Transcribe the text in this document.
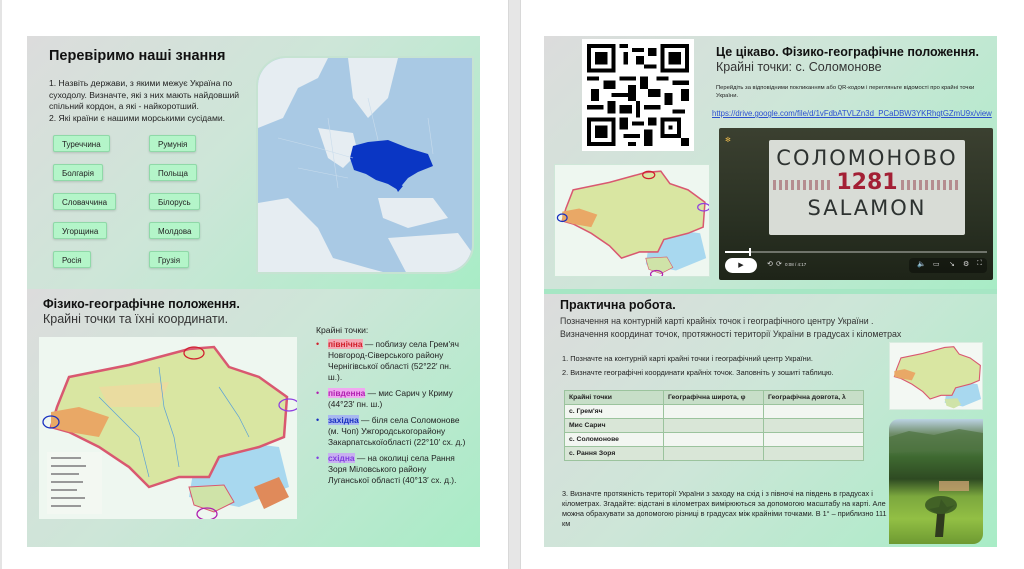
Перевіримо наші знання
1. Назвіть держави, з якими межує Україна по суходолу. Визначте, які з них мають найдовший спільний кордон, а які - найкоротший.
2. Які країни є нашими морськими сусідами.
Туреччина
Болгарія
Словаччина
Угорщина
Росія
Румунія
Польща
Білорусь
Молдова
Грузія
Фізико-географічне положення.
Крайні точки та їхні координати.
Крайні точки:
• північна — поблизу села Грем'яч Новгород-Сіверського району Чернігівської області (52°22′ пн. ш.).
• південна — мис Сарич у Криму (44°23′ пн. ш.)
• західна — біля села Соломонове (м. Чоп) Ужгородськогорайону Закарпатськоїобласті (22°10′ сх. д.)
• східна — на околиці села Рання Зоря Міловського району Луганської області (40°13′ сх. д.).
Це цікаво. Фізико-географічне положення.
Крайні точки: с. Соломонове
Перейдіть за відповідними покликанням або QR-кодом і перегляньте відомості про крайні точки України.
https://drive.google.com/file/d/1vFdbATVLZn3d_PCaDBW3YKRhqtGZmU9x/view
✻
СОЛОМОНОВО
1281
SALAMON
▶	⟲ ⟳ 0:08 / 4:17	🔈 ▭ ↘ ⚙ ⛶
Практична робота.
Позначення на контурній карті крайніх точок і географічного центру України .
Визначення координат точок, протяжності території України в градусах і кілометрах
1. Позначте на контурній карті крайні точки і географічний центр України.
2. Визначте географічні координати крайніх точок. Заповніть у зошиті таблицю.
Крайні точки	Географічна широта, φ	Географічна довгота, λ
с. Грем'яч		
Мис Сарич		
с. Соломонове		
с. Рання Зоря		
3. Визначте протяжність території України з заходу на схід і з півночі на південь в градусах і кілометрах. Згадайте: відстані в кілометрах вимірюються за допомогою масштабу на карті. Але можна обрахувати за допомогою різниці в градусах між крайніми точками. В 1° – приблизно 111 км
